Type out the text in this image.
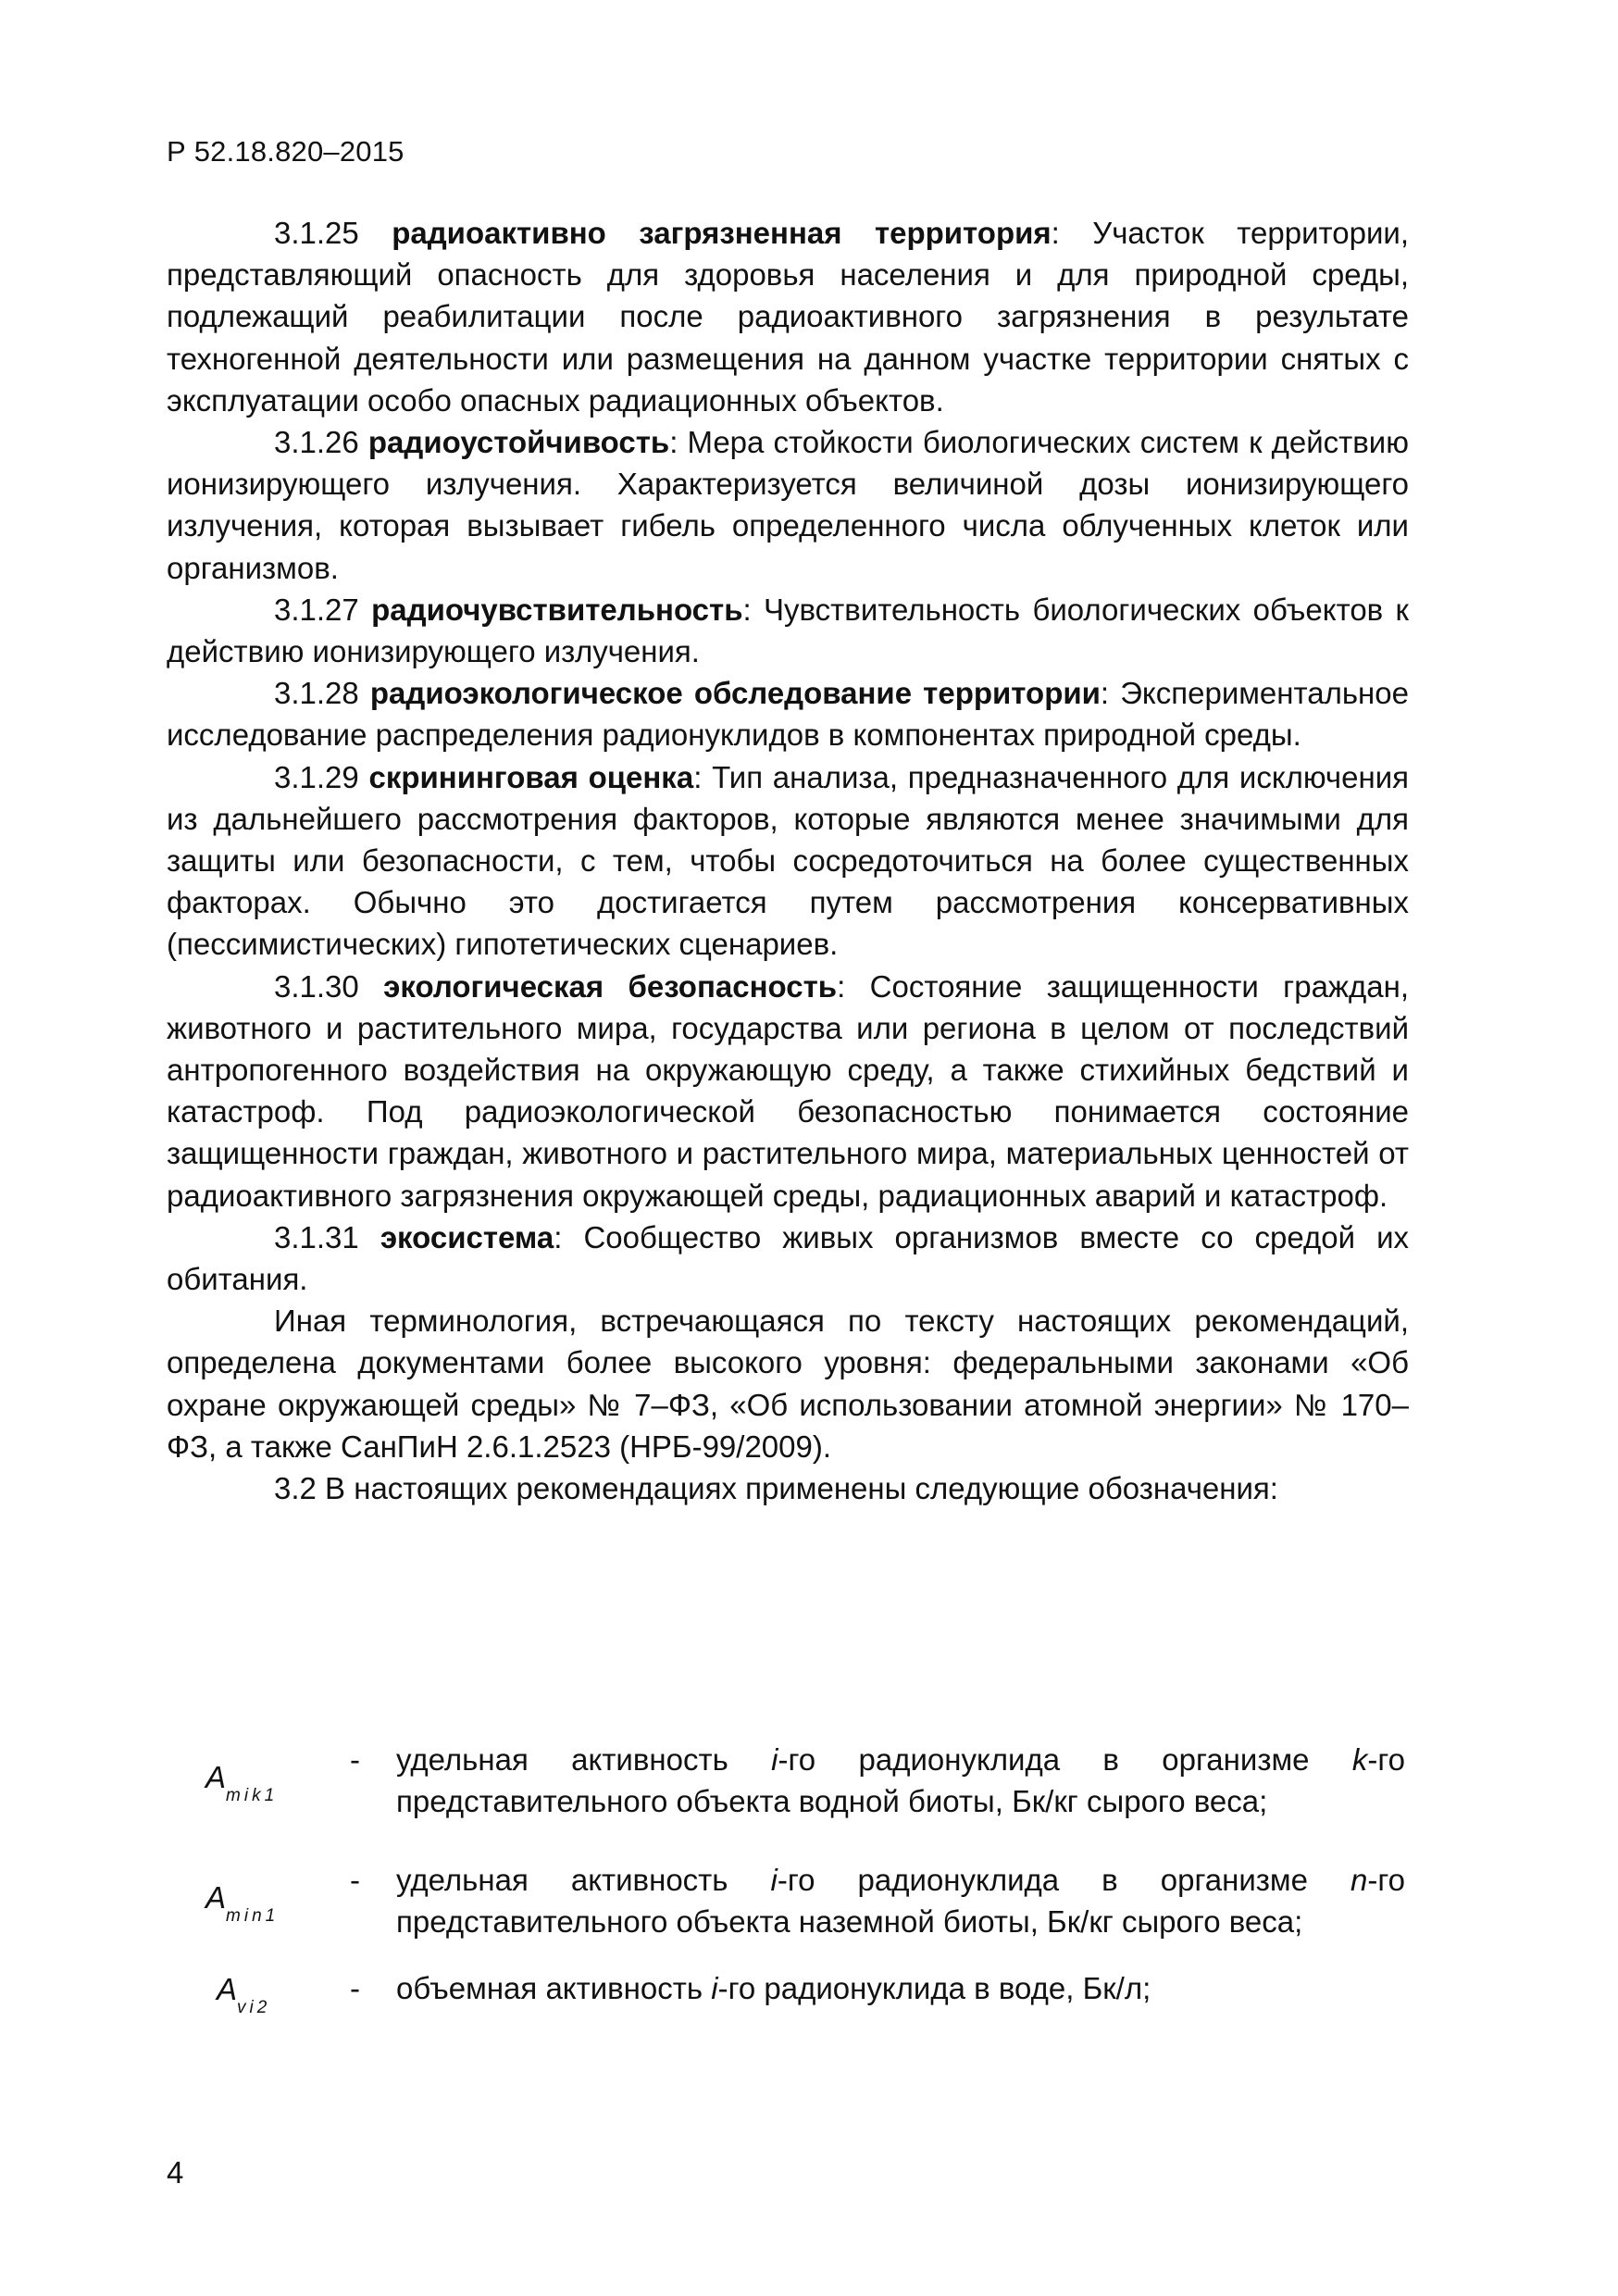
Р 52.18.820–2015

3.1.25 радиоактивно загрязненная территория: Участок территории, представляющий опасность для здоровья населения и для природной среды, подлежащий реабилитации после радиоактивного загрязнения в результате техногенной деятельности или размещения на данном участке территории снятых с эксплуатации особо опасных радиационных объектов.

3.1.26 радиоустойчивость: Мера стойкости биологических систем к действию ионизирующего излучения. Характеризуется величиной дозы ионизирующего излучения, которая вызывает гибель определенного числа облученных клеток или организмов.

3.1.27 радиочувствительность: Чувствительность биологических объектов к действию ионизирующего излучения.

3.1.28 радиоэкологическое обследование территории: Экспериментальное исследование распределения радионуклидов в компонентах природной среды.

3.1.29 скрининговая оценка: Тип анализа, предназначенного для исключения из дальнейшего рассмотрения факторов, которые являются менее значимыми для защиты или безопасности, с тем, чтобы сосредоточиться на более существенных факторах. Обычно это достигается путем рассмотрения консервативных (пессимистических) гипотетических сценариев.

3.1.30 экологическая безопасность: Состояние защищенности граждан, животного и растительного мира, государства или региона в целом от последствий антропогенного воздействия на окружающую среду, а также стихийных бедствий и катастроф. Под радиоэкологической безопасностью понимается состояние защищенности граждан, животного и растительного мира, материальных ценностей от радиоактивного загрязнения окружающей среды, радиационных аварий и катастроф.

3.1.31 экосистема: Сообщество живых организмов вместе со средой их обитания.

Иная терминология, встречающаяся по тексту настоящих рекомендаций, определена документами более высокого уровня: федеральными законами «Об охране окружающей среды» № 7–ФЗ, «Об использовании атомной энергии» № 170–ФЗ, а также СанПиН 2.6.1.2523 (НРБ-99/2009).

3.2 В настоящих рекомендациях применены следующие обозначения:

$A_{mik1}$
- удельная активность i-го радионуклида в организме k-го представительного объекта водной биоты, Бк/кг сырого веса;
$A_{min1}$
- удельная активность i-го радионуклида в организме n-го представительного объекта наземной биоты, Бк/кг сырого веса;
$A_{vi2}$
- объемная активность i-го радионуклида в воде, Бк/л;
4
